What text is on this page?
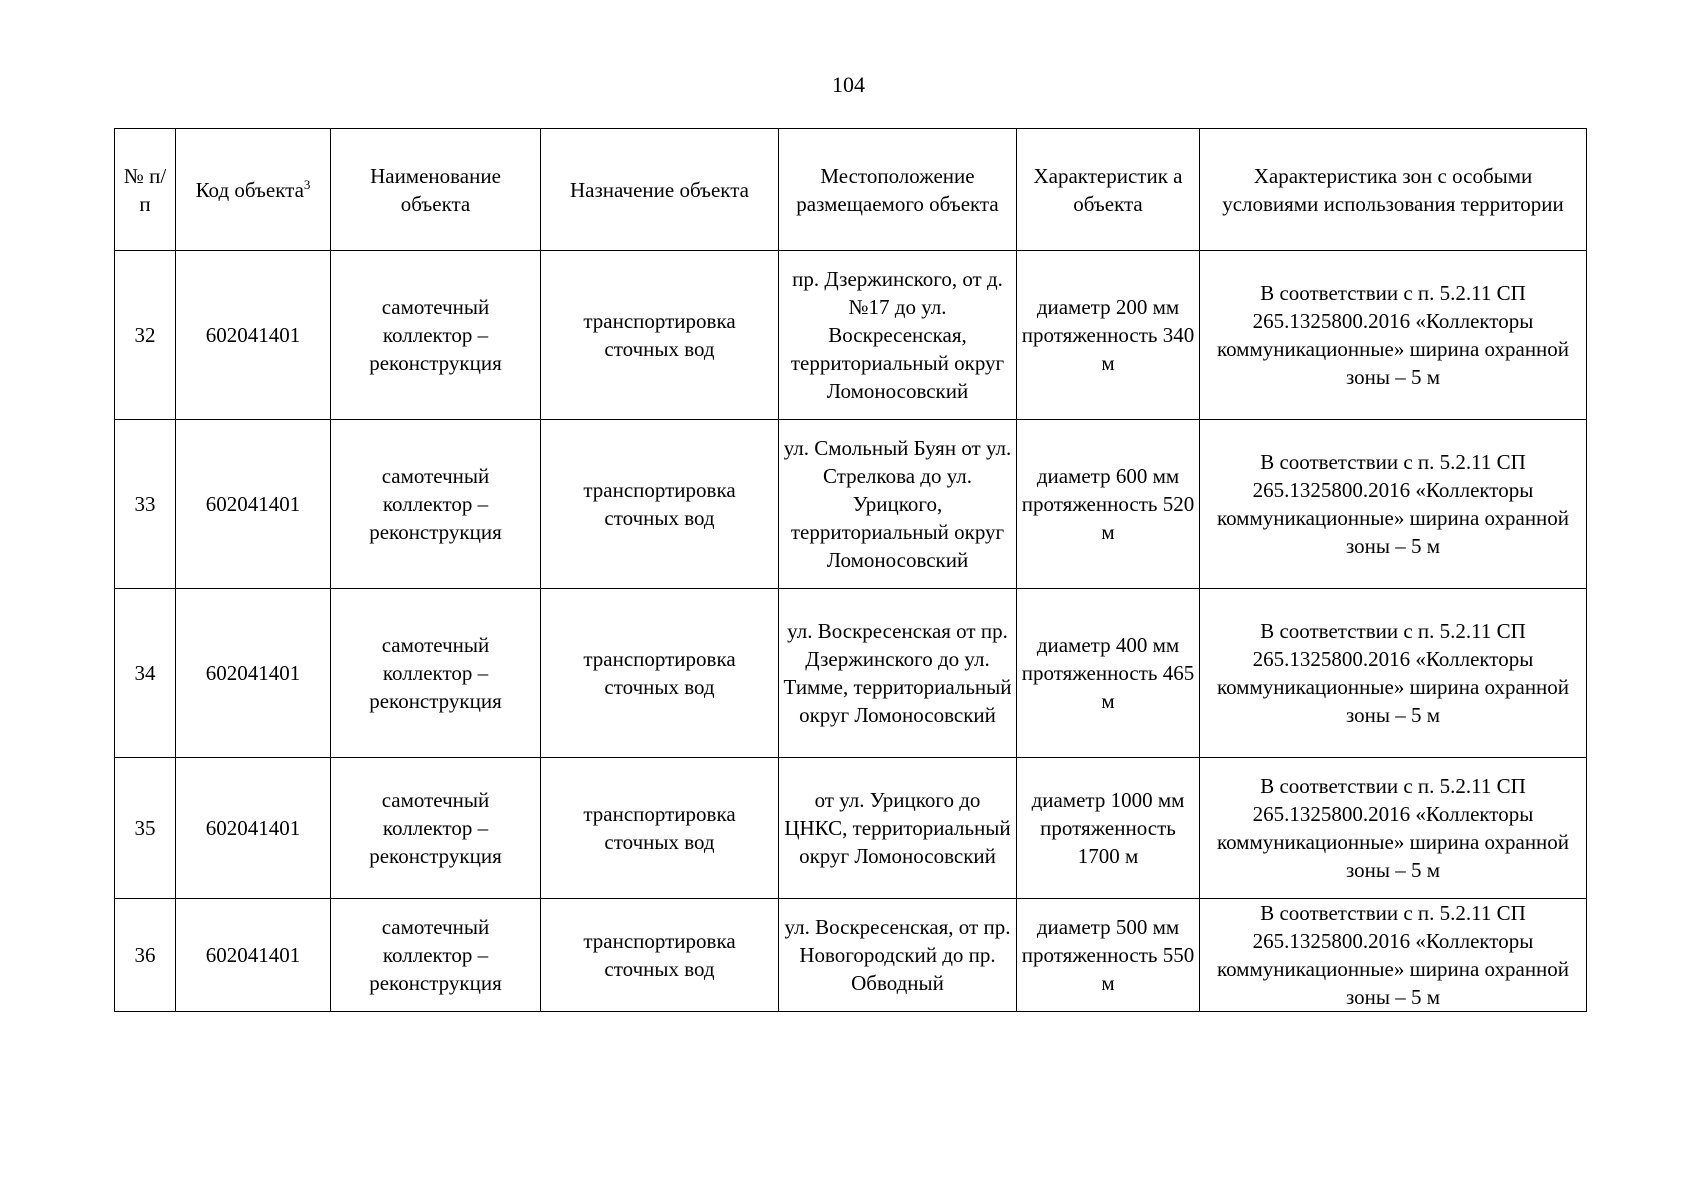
104
№ п/п	Код объекта$^3$	Наименование объекта	Назначение объекта	Местоположение размещаемого объекта	Характеристик а объекта	Характеристика зон с особыми условиями использования территории
32	602041401	самотечный коллектор – реконструкция	транспортировка сточных вод	пр. Дзержинского, от д. №17 до ул. Воскресенская, территориальный округ Ломоносовский	диаметр 200 мм протяженность 340 м	В соответствии с п. 5.2.11 СП 265.1325800.2016 «Коллекторы коммуникационные» ширина охранной зоны – 5 м
33	602041401	самотечный коллектор – реконструкция	транспортировка сточных вод	ул. Смольный Буян от ул. Стрелкова до ул. Урицкого, территориальный округ Ломоносовский	диаметр 600 мм протяженность 520 м	В соответствии с п. 5.2.11 СП 265.1325800.2016 «Коллекторы коммуникационные» ширина охранной зоны – 5 м
34	602041401	самотечный коллектор – реконструкция	транспортировка сточных вод	ул. Воскресенская от пр. Дзержинского до ул. Тимме, территориальный округ Ломоносовский	диаметр 400 мм протяженность 465 м	В соответствии с п. 5.2.11 СП 265.1325800.2016 «Коллекторы коммуникационные» ширина охранной зоны – 5 м
35	602041401	самотечный коллектор – реконструкция	транспортировка сточных вод	от ул. Урицкого до ЦНКС, территориальный округ Ломоносовский	диаметр 1000 мм протяженность 1700 м	В соответствии с п. 5.2.11 СП 265.1325800.2016 «Коллекторы коммуникационные» ширина охранной зоны – 5 м
36	602041401	самотечный коллектор – реконструкция	транспортировка сточных вод	ул. Воскресенская, от пр. Новогородский до пр. Обводный	диаметр 500 мм протяженность 550 м	В соответствии с п. 5.2.11 СП 265.1325800.2016 «Коллекторы коммуникационные» ширина охранной зоны – 5 м
